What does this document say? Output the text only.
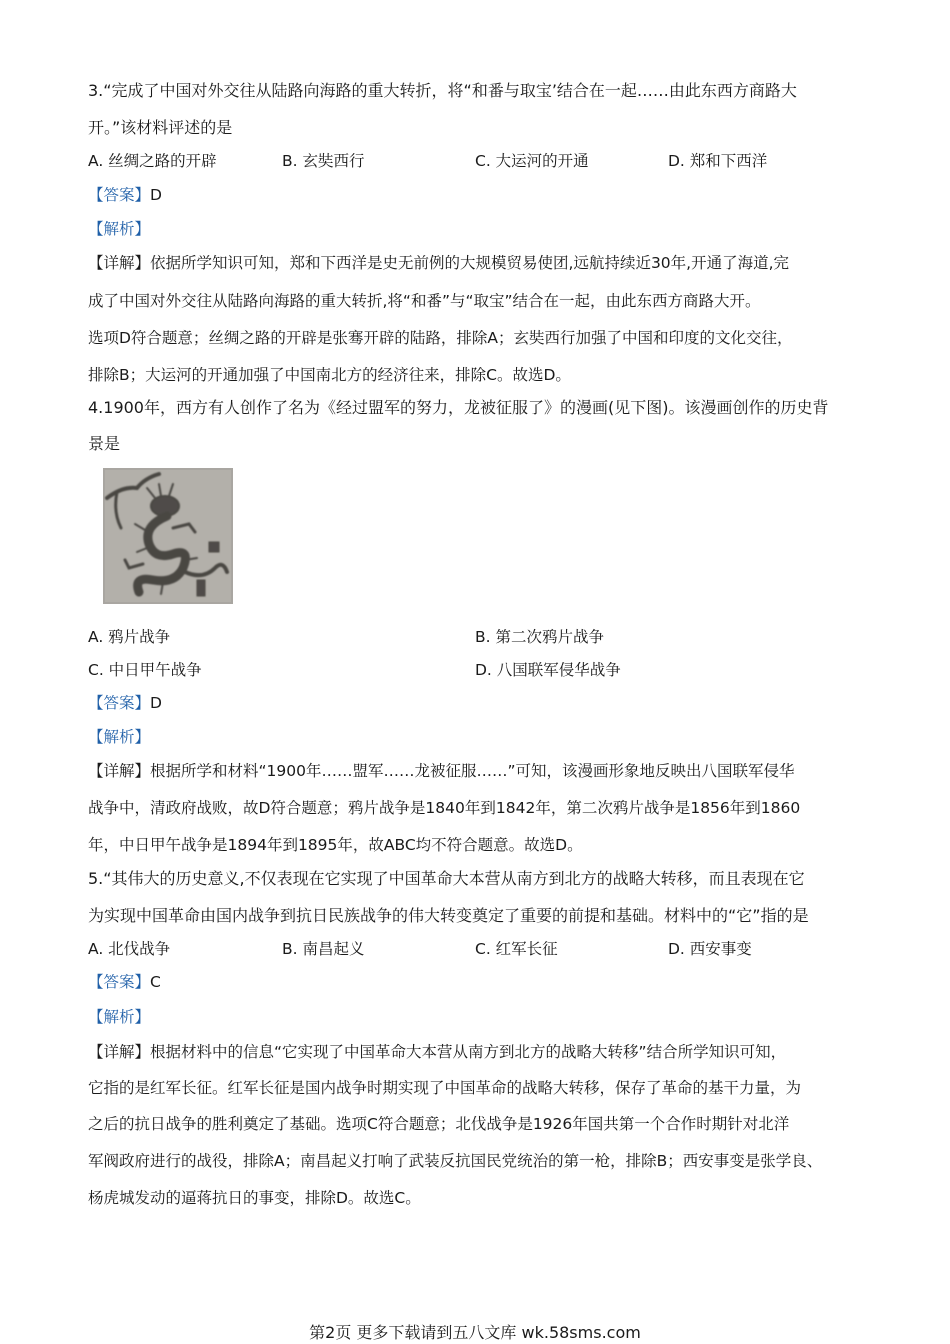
3.“完成了中国对外交往从陆路向海路的重大转折，将“和番与取宝’结合在一起……由此东西方商路大
开。”该材料评述的是
A. 丝绸之路的开辟	B. 玄奘西行	C. 大运河的开通	D. 郑和下西洋
【答案】D
【解析】
【详解】依据所学知识可知，郑和下西洋是史无前例的大规模贸易使团,远航持续近30年,开通了海道,完
成了中国对外交往从陆路向海路的重大转折,将“和番”与“取宝”结合在一起，由此东西方商路大开。
选项D符合题意；丝绸之路的开辟是张骞开辟的陆路，排除A；玄奘西行加强了中国和印度的文化交往，
排除B；大运河的开通加强了中国南北方的经济往来，排除C。故选D。
4.1900年，西方有人创作了名为《经过盟军的努力，龙被征服了》的漫画(见下图)。该漫画创作的历史背
景是
A. 鸦片战争	B. 第二次鸦片战争
C. 中日甲午战争	D. 八国联军侵华战争
【答案】D
【解析】
【详解】根据所学和材料“1900年……盟军……龙被征服……”可知，该漫画形象地反映出八国联军侵华
战争中，清政府战败，故D符合题意；鸦片战争是1840年到1842年，第二次鸦片战争是1856年到1860
年，中日甲午战争是1894年到1895年，故ABC均不符合题意。故选D。
5.“其伟大的历史意义,不仅表现在它实现了中国革命大本营从南方到北方的战略大转移，而且表现在它
为实现中国革命由国内战争到抗日民族战争的伟大转变奠定了重要的前提和基础。材料中的“它”指的是
A. 北伐战争	B. 南昌起义	C. 红军长征	D. 西安事变
【答案】C
【解析】
【详解】根据材料中的信息“它实现了中国革命大本营从南方到北方的战略大转移”结合所学知识可知，
它指的是红军长征。红军长征是国内战争时期实现了中国革命的战略大转移，保存了革命的基干力量，为
之后的抗日战争的胜利奠定了基础。选项C符合题意；北伐战争是1926年国共第一个合作时期针对北洋
军阀政府进行的战役，排除A；南昌起义打响了武装反抗国民党统治的第一枪，排除B；西安事变是张学良、
杨虎城发动的逼蒋抗日的事变，排除D。故选C。
第2页 更多下载请到五八文库 wk.58sms.com
